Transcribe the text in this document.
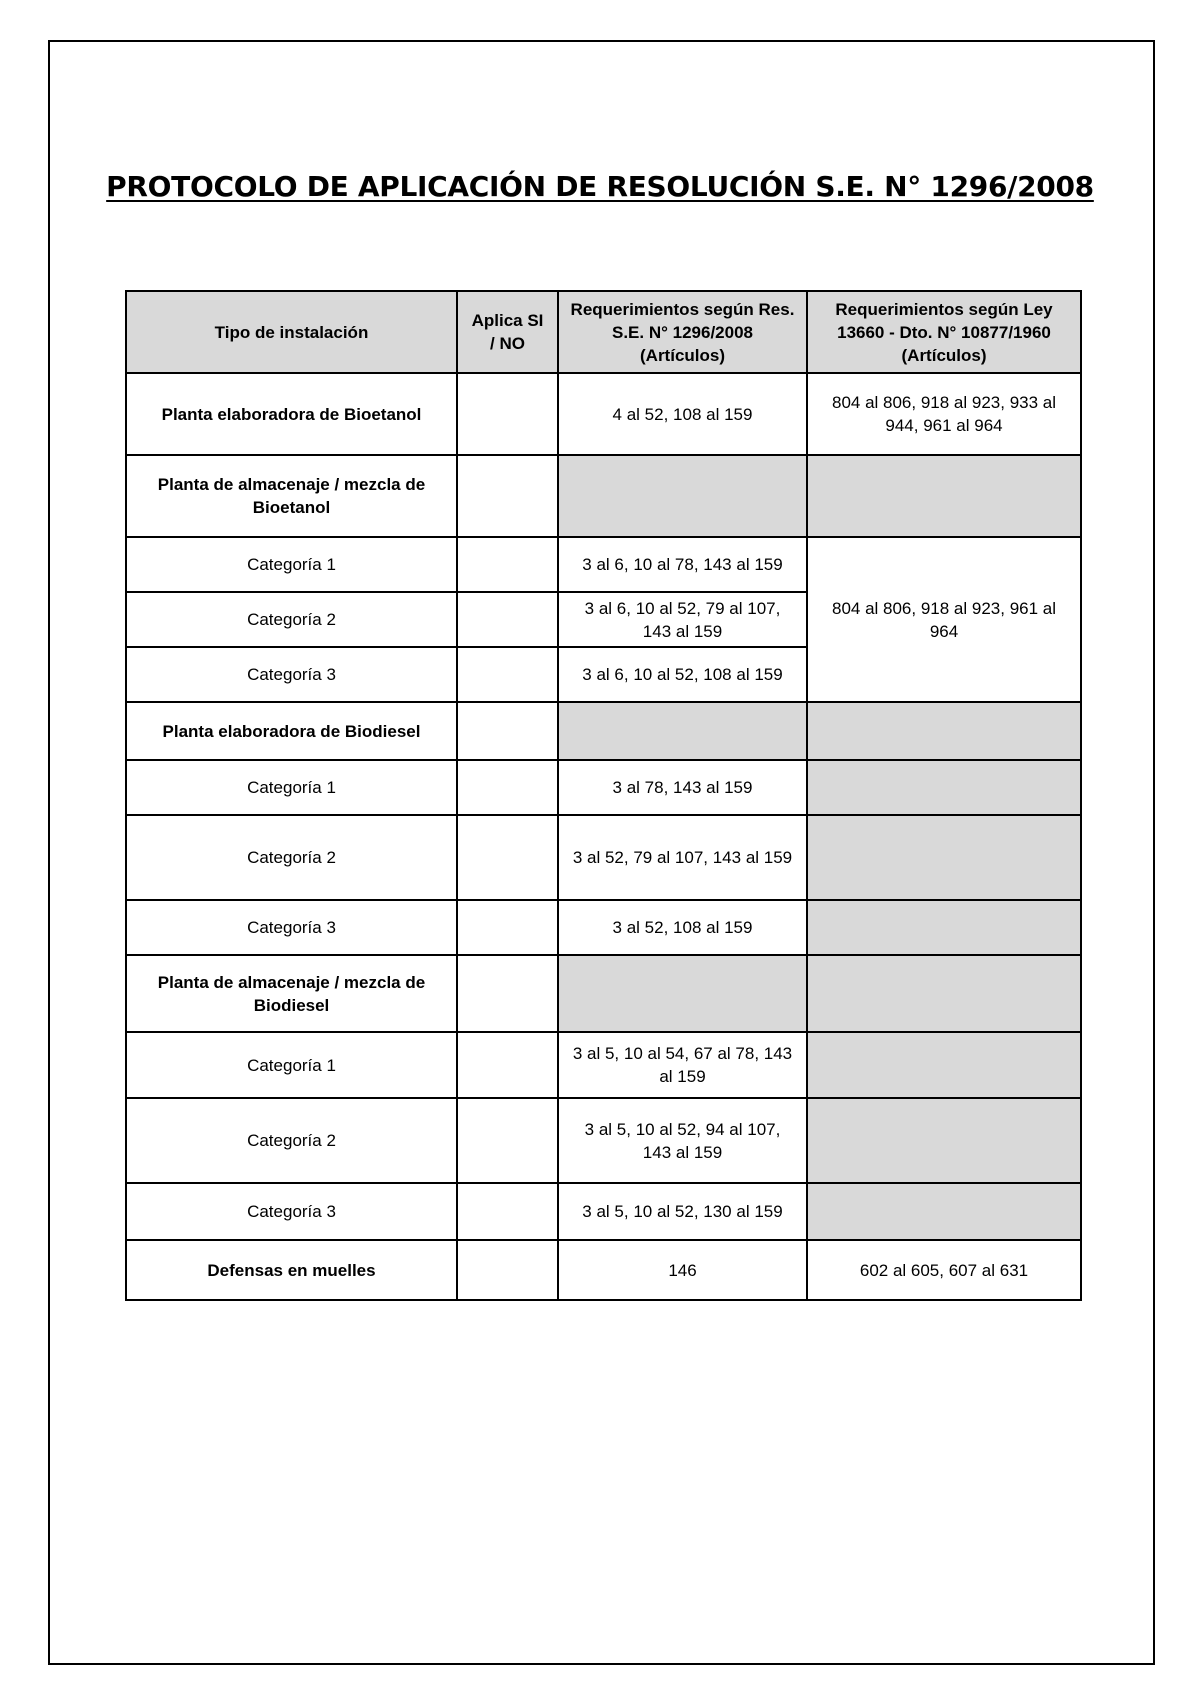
PROTOCOLO DE APLICACIÓN DE RESOLUCIÓN S.E. N° 1296/2008
Tipo de instalación	Aplica SI / NO	Requerimientos según Res. S.E. N° 1296/2008 (Artículos)	Requerimientos según Ley 13660 - Dto. N° 10877/1960 (Artículos)
Planta elaboradora de Bioetanol		4 al 52, 108 al 159	804 al 806, 918 al 923, 933 al 944, 961 al 964
Planta de almacenaje / mezcla de Bioetanol			
Categoría 1		3 al 6, 10 al 78, 143 al 159	804 al 806, 918 al 923, 961 al 964
Categoría 2		3 al 6, 10 al 52, 79 al 107, 143 al 159	
Categoría 3		3 al 6, 10 al 52, 108 al 159	
Planta elaboradora de Biodiesel			
Categoría 1		3 al 78, 143 al 159	
Categoría 2		3 al 52, 79 al 107, 143 al 159	
Categoría 3		3 al 52, 108 al 159	
Planta de almacenaje / mezcla de Biodiesel			
Categoría 1		3 al 5, 10 al 54, 67 al 78, 143 al 159	
Categoría 2		3 al 5, 10 al 52, 94 al 107, 143 al 159	
Categoría 3		3 al 5, 10 al 52, 130 al 159	
Defensas en muelles		146	602 al 605, 607 al 631
